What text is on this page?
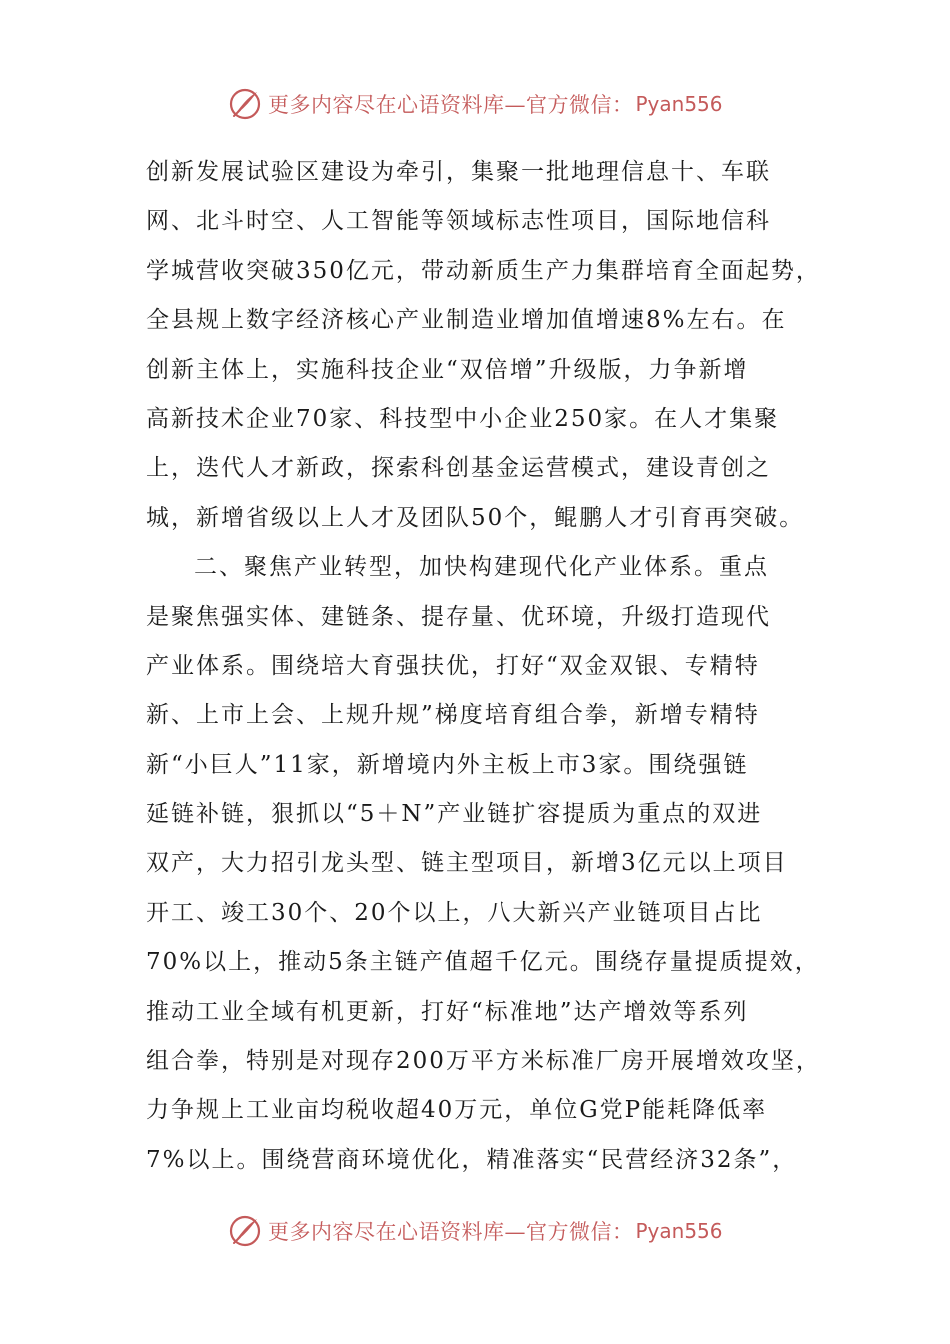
更多内容尽在心语资料库—官方微信： Pyan556
创新发展试验区建设为牵引，集聚一批地理信息十、车联
网、北斗时空、人工智能等领域标志性项目，国际地信科
学城营收突破350亿元，带动新质生产力集群培育全面起势，
全县规上数字经济核心产业制造业增加值增速8%左右。在
创新主体上，实施科技企业“双倍增”升级版，力争新增
高新技术企业70家、科技型中小企业250家。在人才集聚
上，迭代人才新政，探索科创基金运营模式，建设青创之
城，新增省级以上人才及团队50个，鲲鹏人才引育再突破。
二、聚焦产业转型，加快构建现代化产业体系。重点
是聚焦强实体、建链条、提存量、优环境，升级打造现代
产业体系。围绕培大育强扶优，打好“双金双银、专精特
新、上市上会、上规升规”梯度培育组合拳，新增专精特
新“小巨人”11家，新增境内外主板上市3家。围绕强链
延链补链，狠抓以“5＋N”产业链扩容提质为重点的双进
双产，大力招引龙头型、链主型项目，新增3亿元以上项目
开工、竣工30个、20个以上，八大新兴产业链项目占比
70%以上，推动5条主链产值超千亿元。围绕存量提质提效，
推动工业全域有机更新，打好“标准地”达产增效等系列
组合拳，特别是对现存200万平方米标准厂房开展增效攻坚，
力争规上工业亩均税收超40万元，单位G党P能耗降低率
7%以上。围绕营商环境优化，精准落实“民营经济32条”，
更多内容尽在心语资料库—官方微信： Pyan556
